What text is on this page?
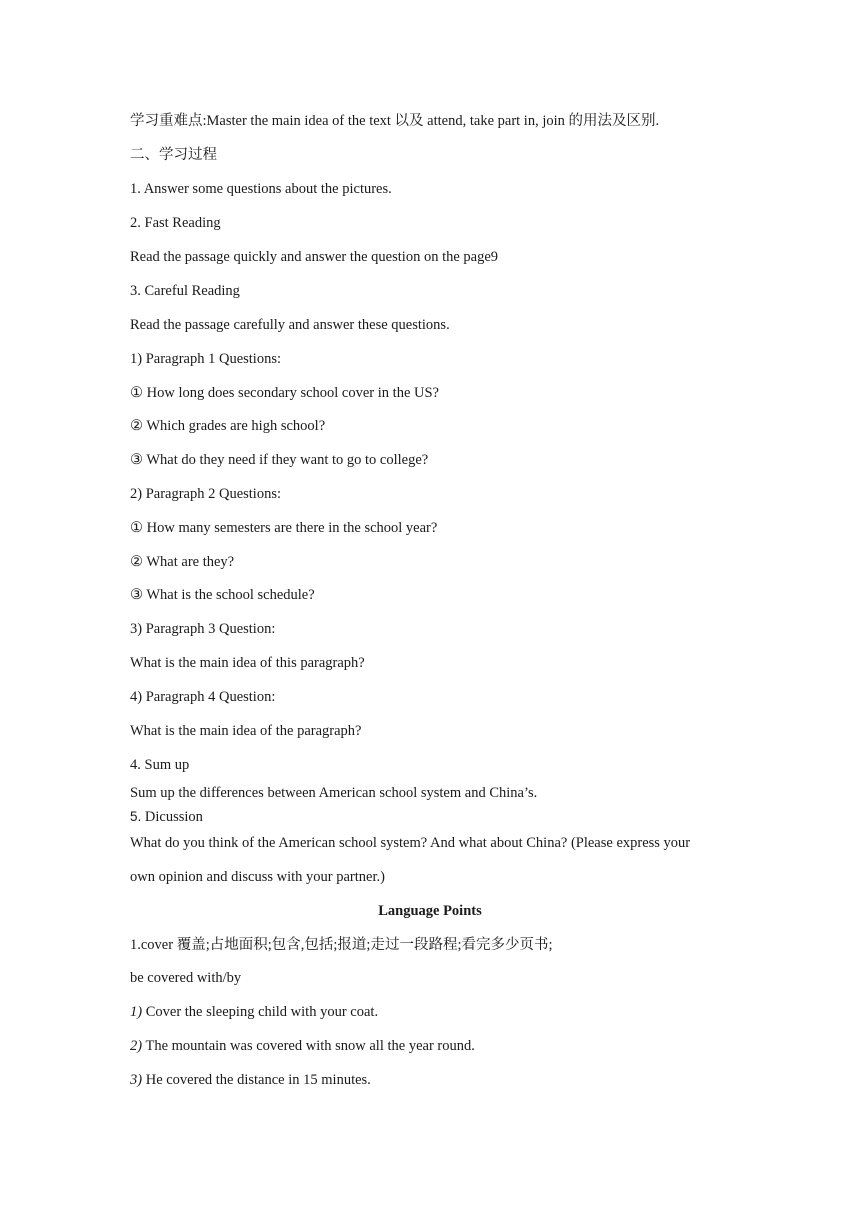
学习重难点:Master the main idea of the text 以及 attend, take part in, join 的用法及区别.
二、学习过程
1. Answer some questions about the pictures.
2. Fast Reading
Read the passage quickly and answer the question on the page9
3. Careful Reading
Read the passage carefully and answer these questions.
1) Paragraph 1 Questions:
① How long does secondary school cover in the US?
② Which grades are high school?
③ What do they need if they want to go to college?
2) Paragraph 2 Questions:
① How many semesters are there in the school year?
② What are they?
③ What is the school schedule?
3) Paragraph 3 Question:
What is the main idea of this paragraph?
4) Paragraph 4 Question:
What is the main idea of the paragraph?
4. Sum up
Sum up the differences between American school system and China’s.
5. Dicussion
What do you think of the American school system? And what about China? (Please express your
own opinion and discuss with your partner.)
Language Points
1.cover 覆盖;占地面积;包含,包括;报道;走过一段路程;看完多少页书;
be covered with/by
1) Cover the sleeping child with your coat.
2) The mountain was covered with snow all the year round.
3) He covered the distance in 15 minutes.
